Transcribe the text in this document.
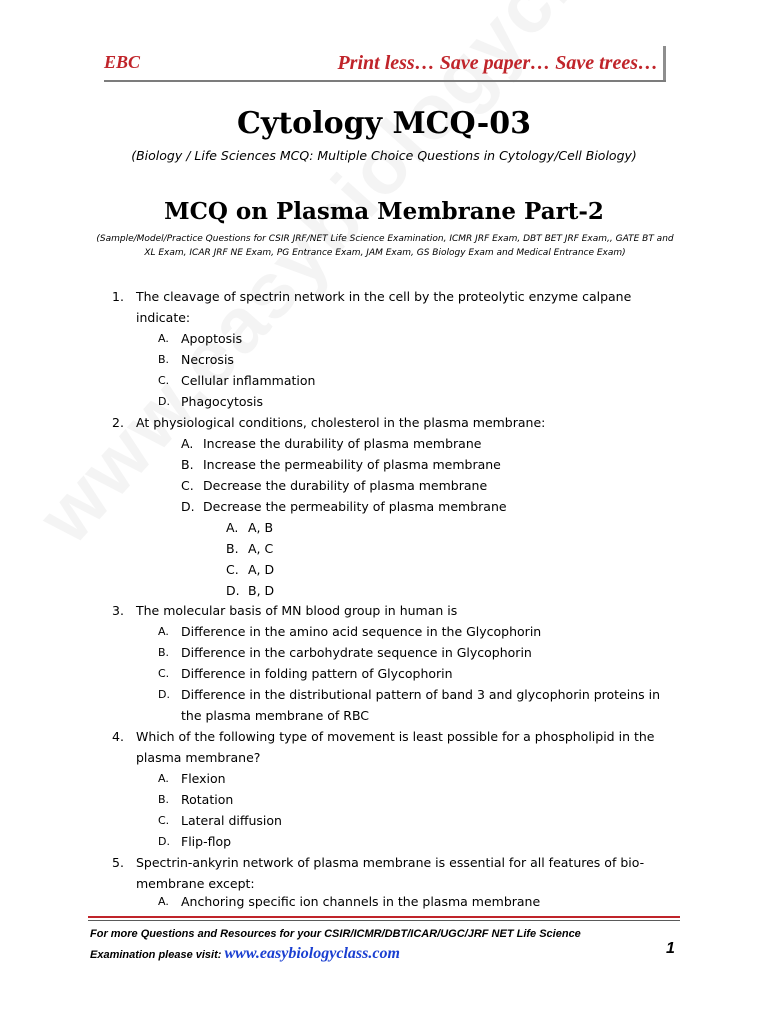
EBC	Print less… Save paper… Save trees…
Cytology MCQ-03
(Biology / Life Sciences MCQ: Multiple Choice Questions in Cytology/Cell Biology)
MCQ on Plasma Membrane Part-2
(Sample/Model/Practice Questions for CSIR JRF/NET Life Science Examination, ICMR JRF Exam, DBT BET JRF Exam,, GATE BT and XL Exam, ICAR JRF NE Exam, PG Entrance Exam, JAM Exam, GS Biology Exam and Medical Entrance Exam)
1. The cleavage of spectrin network in the cell by the proteolytic enzyme calpane indicate:
A. Apoptosis
B. Necrosis
C. Cellular inflammation
D. Phagocytosis
2. At physiological conditions, cholesterol in the plasma membrane:
A. Increase the durability of plasma membrane
B. Increase the permeability of plasma membrane
C. Decrease the durability of plasma membrane
D. Decrease the permeability of plasma membrane
A. A, B
B. A, C
C. A, D
D. B, D
3. The molecular basis of MN blood group in human is
A. Difference in the amino acid sequence in the Glycophorin
B. Difference in the carbohydrate sequence in Glycophorin
C. Difference in folding pattern of Glycophorin
D. Difference in the distributional pattern of band 3 and glycophorin proteins in the plasma membrane of RBC
4. Which of the following type of movement is least possible for a phospholipid in the plasma membrane?
A. Flexion
B. Rotation
C. Lateral diffusion
D. Flip-flop
5. Spectrin-ankyrin network of plasma membrane is essential for all features of bio-membrane except:
A. Anchoring specific ion channels in the plasma membrane
For more Questions and Resources for your CSIR/ICMR/DBT/ICAR/UGC/JRF NET Life Science
Examination please visit: www.easybiologyclass.com	1
